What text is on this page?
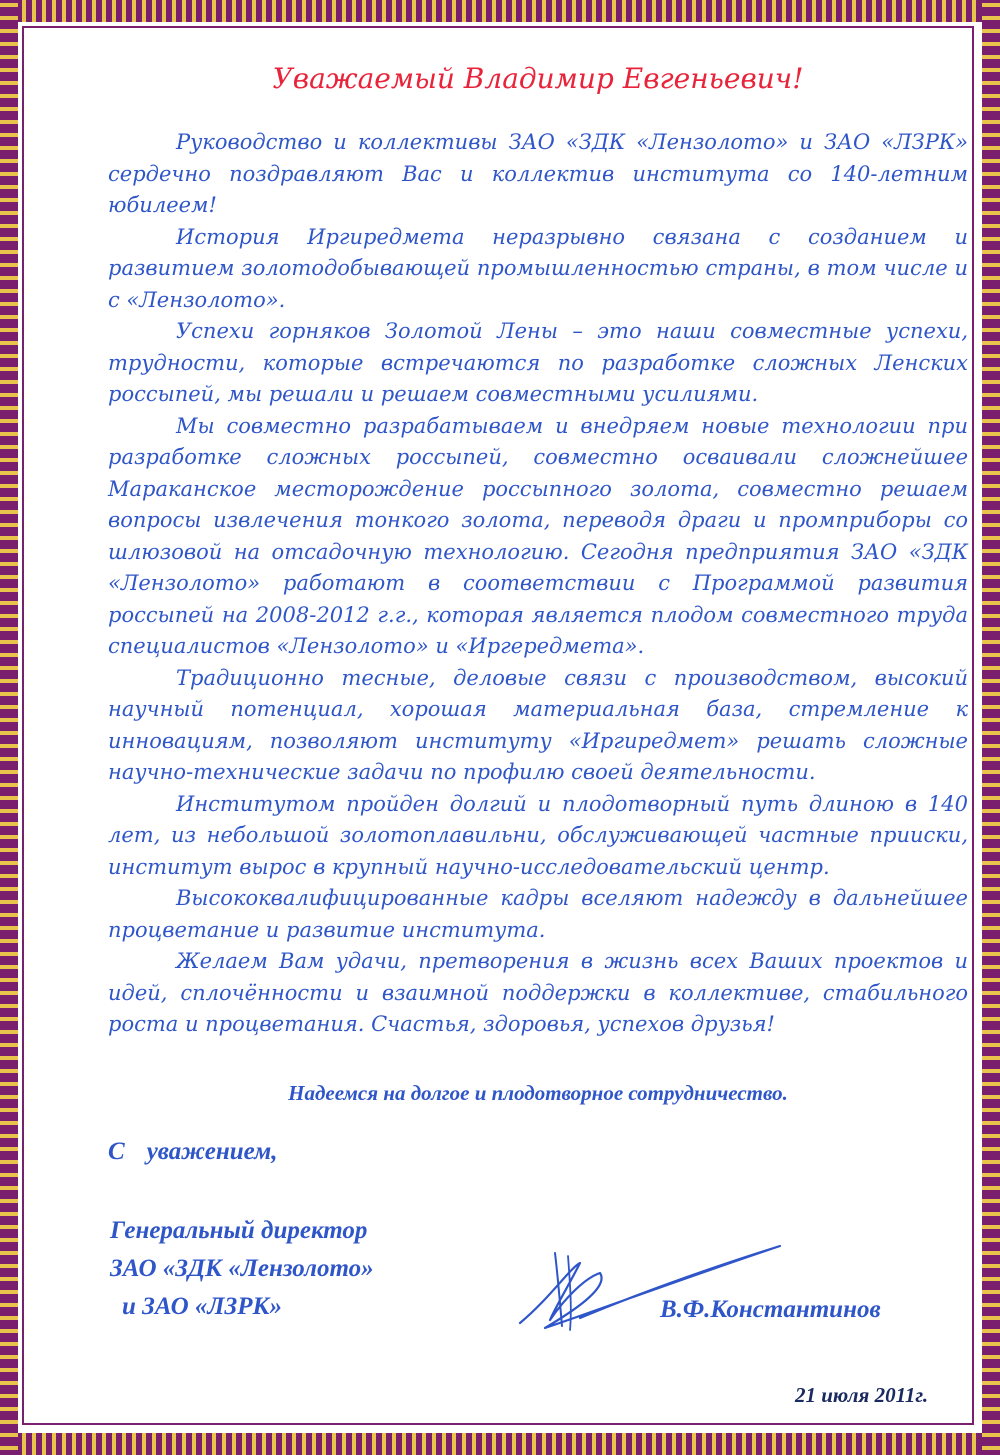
Уважаемый Владимир Евгеньевич!

Руководство и коллективы ЗАО «ЗДК «Лензолото» и ЗАО «ЛЗРК» сердечно поздравляют Вас и коллектив института со 140-летним юбилеем!

История Иргиредмета неразрывно связана с созданием и развитием золотодобывающей промышленностью страны, в том числе и с «Лензолото».

Успехи горняков Золотой Лены – это наши совместные успехи, трудности, которые встречаются по разработке сложных Ленских россыпей, мы решали и решаем совместными усилиями.

Мы совместно разрабатываем и внедряем новые технологии при разработке сложных россыпей, совместно осваивали сложнейшее Мараканское месторождение россыпного золота, совместно решаем вопросы извлечения тонкого золота, переводя драги и промприборы со шлюзовой на отсадочную технологию. Сегодня предприятия ЗАО «ЗДК «Лензолото» работают в соответствии с Программой развития россыпей на 2008-2012 г.г., которая является плодом совместного труда специалистов «Лензолото» и «Иргередмета».

Традиционно тесные, деловые связи с производством, высокий научный потенциал, хорошая материальная база, стремление к инновациям, позволяют институту «Иргиредмет» решать сложные научно-технические задачи по профилю своей деятельности.

Институтом пройден долгий и плодотворный путь длиною в 140 лет, из небольшой золотоплавильни, обслуживающей частные прииски, институт вырос в крупный научно-исследовательский центр.

Высококвалифицированные кадры вселяют надежду в дальнейшее процветание и развитие института.

Желаем Вам удачи, претворения в жизнь всех Ваших проектов и идей, сплочённости и взаимной поддержки в коллективе, стабильного роста и процветания. Счастья, здоровья, успехов друзья!

Надеемся на долгое и плодотворное сотрудничество.
С уважением,
Генеральный директор
ЗАО «ЗДК «Лензолото»
и ЗАО «ЛЗРК»	В.Ф.Константинов
21 июля 2011г.
